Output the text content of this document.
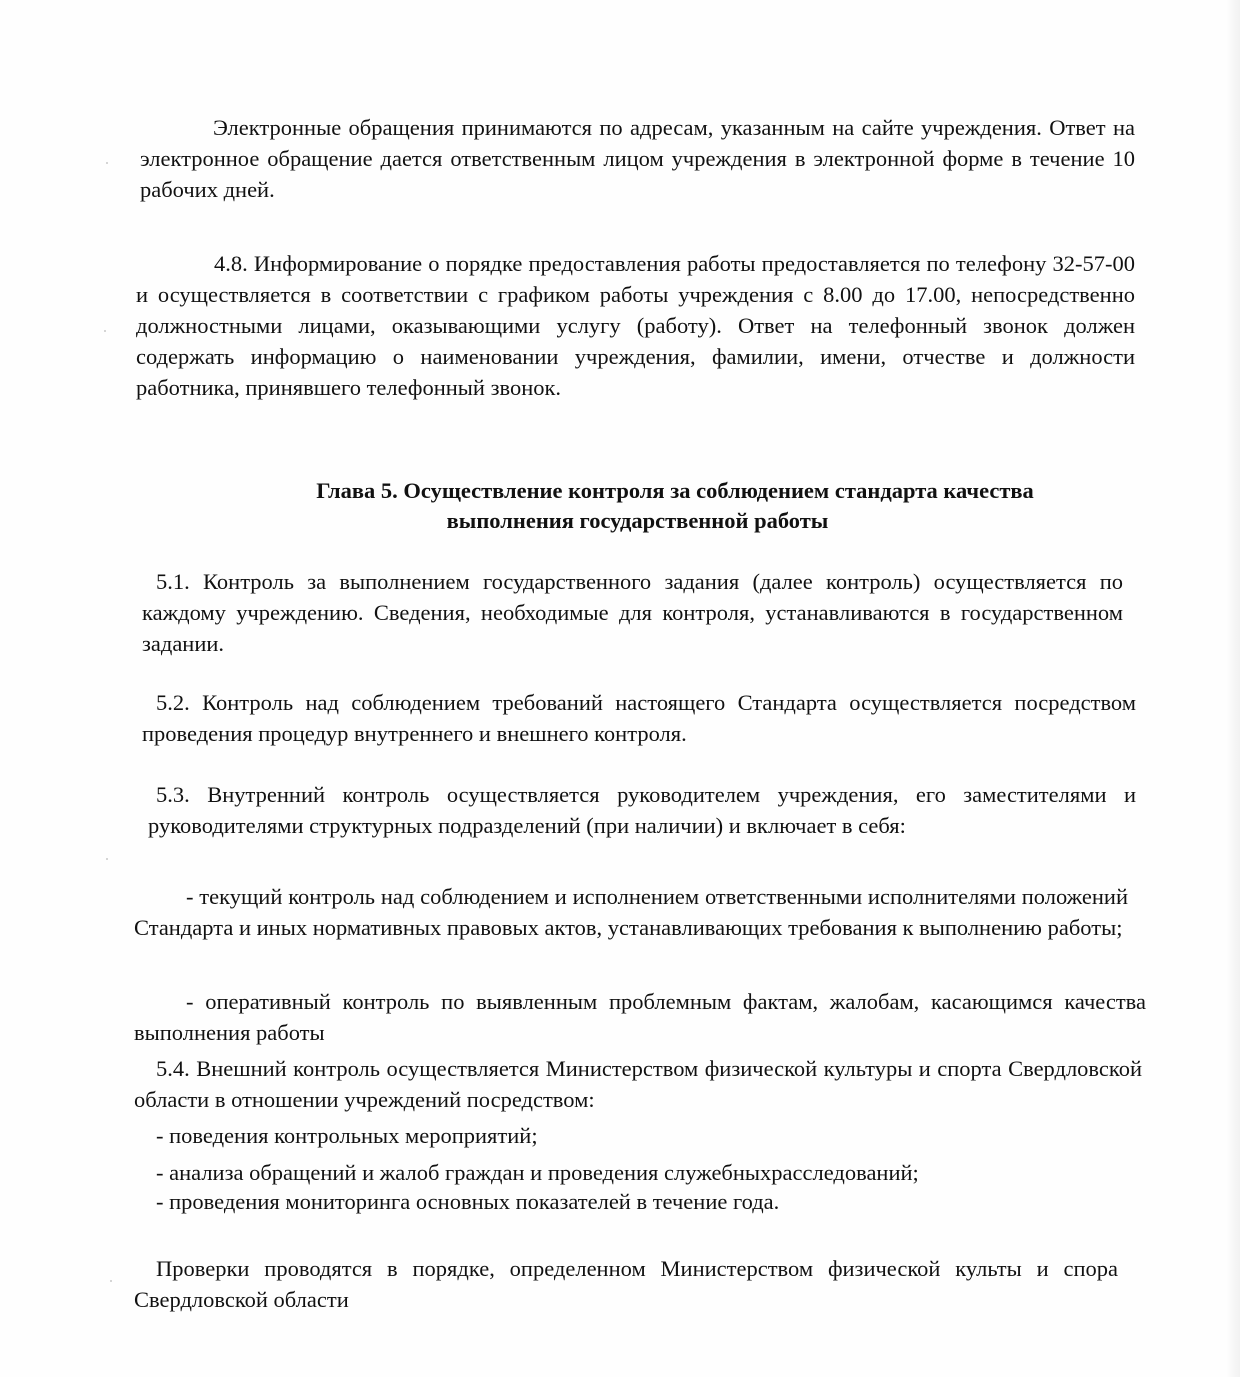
Электронные обращения принимаются по адресам, указанным на сайте учреждения. Ответ на электронное обращение дается ответственным лицом учреждения в электронной форме в течение 10 рабочих дней.

4.8. Информирование о порядке предоставления работы предоставляется по телефону 32-57-00 и осуществляется в соответствии с графиком работы учреждения с 8.00 до 17.00, непосредственно должностными лицами, оказывающими услугу (работу). Ответ на телефонный звонок должен содержать информацию о наименовании учреждения, фамилии, имени, отчестве и должности работника, принявшего телефонный звонок.

Глава 5. Осуществление контроля за соблюдением стандарта качества

выполнения государственной работы

5.1. Контроль за выполнением государственного задания (далее контроль) осуществляется по каждому учреждению. Сведения, необходимые для контроля, устанавливаются в государственном задании.

5.2. Контроль над соблюдением требований настоящего Стандарта осуществляется посредством проведения процедур внутреннего и внешнего контроля.

5.3. Внутренний контроль осуществляется руководителем учреждения, его заместителями и руководителями структурных подразделений (при наличии) и включает в себя:

- текущий контроль над соблюдением и исполнением ответственными исполнителями положений Стандарта и иных нормативных правовых актов, устанавливающих требования к выполнению работы;

- оперативный контроль по выявленным проблемным фактам, жалобам, касающимся качества выполнения работы

5.4. Внешний контроль осуществляется Министерством физической культуры и спорта Свердловской области в отношении учреждений посредством:

- поведения контрольных мероприятий;

- анализа обращений и жалоб граждан и проведения служебныхрасследований;

- проведения мониторинга основных показателей в течение года.

Проверки проводятся в порядке, определенном Министерством физической культы и спора Свердловской области
